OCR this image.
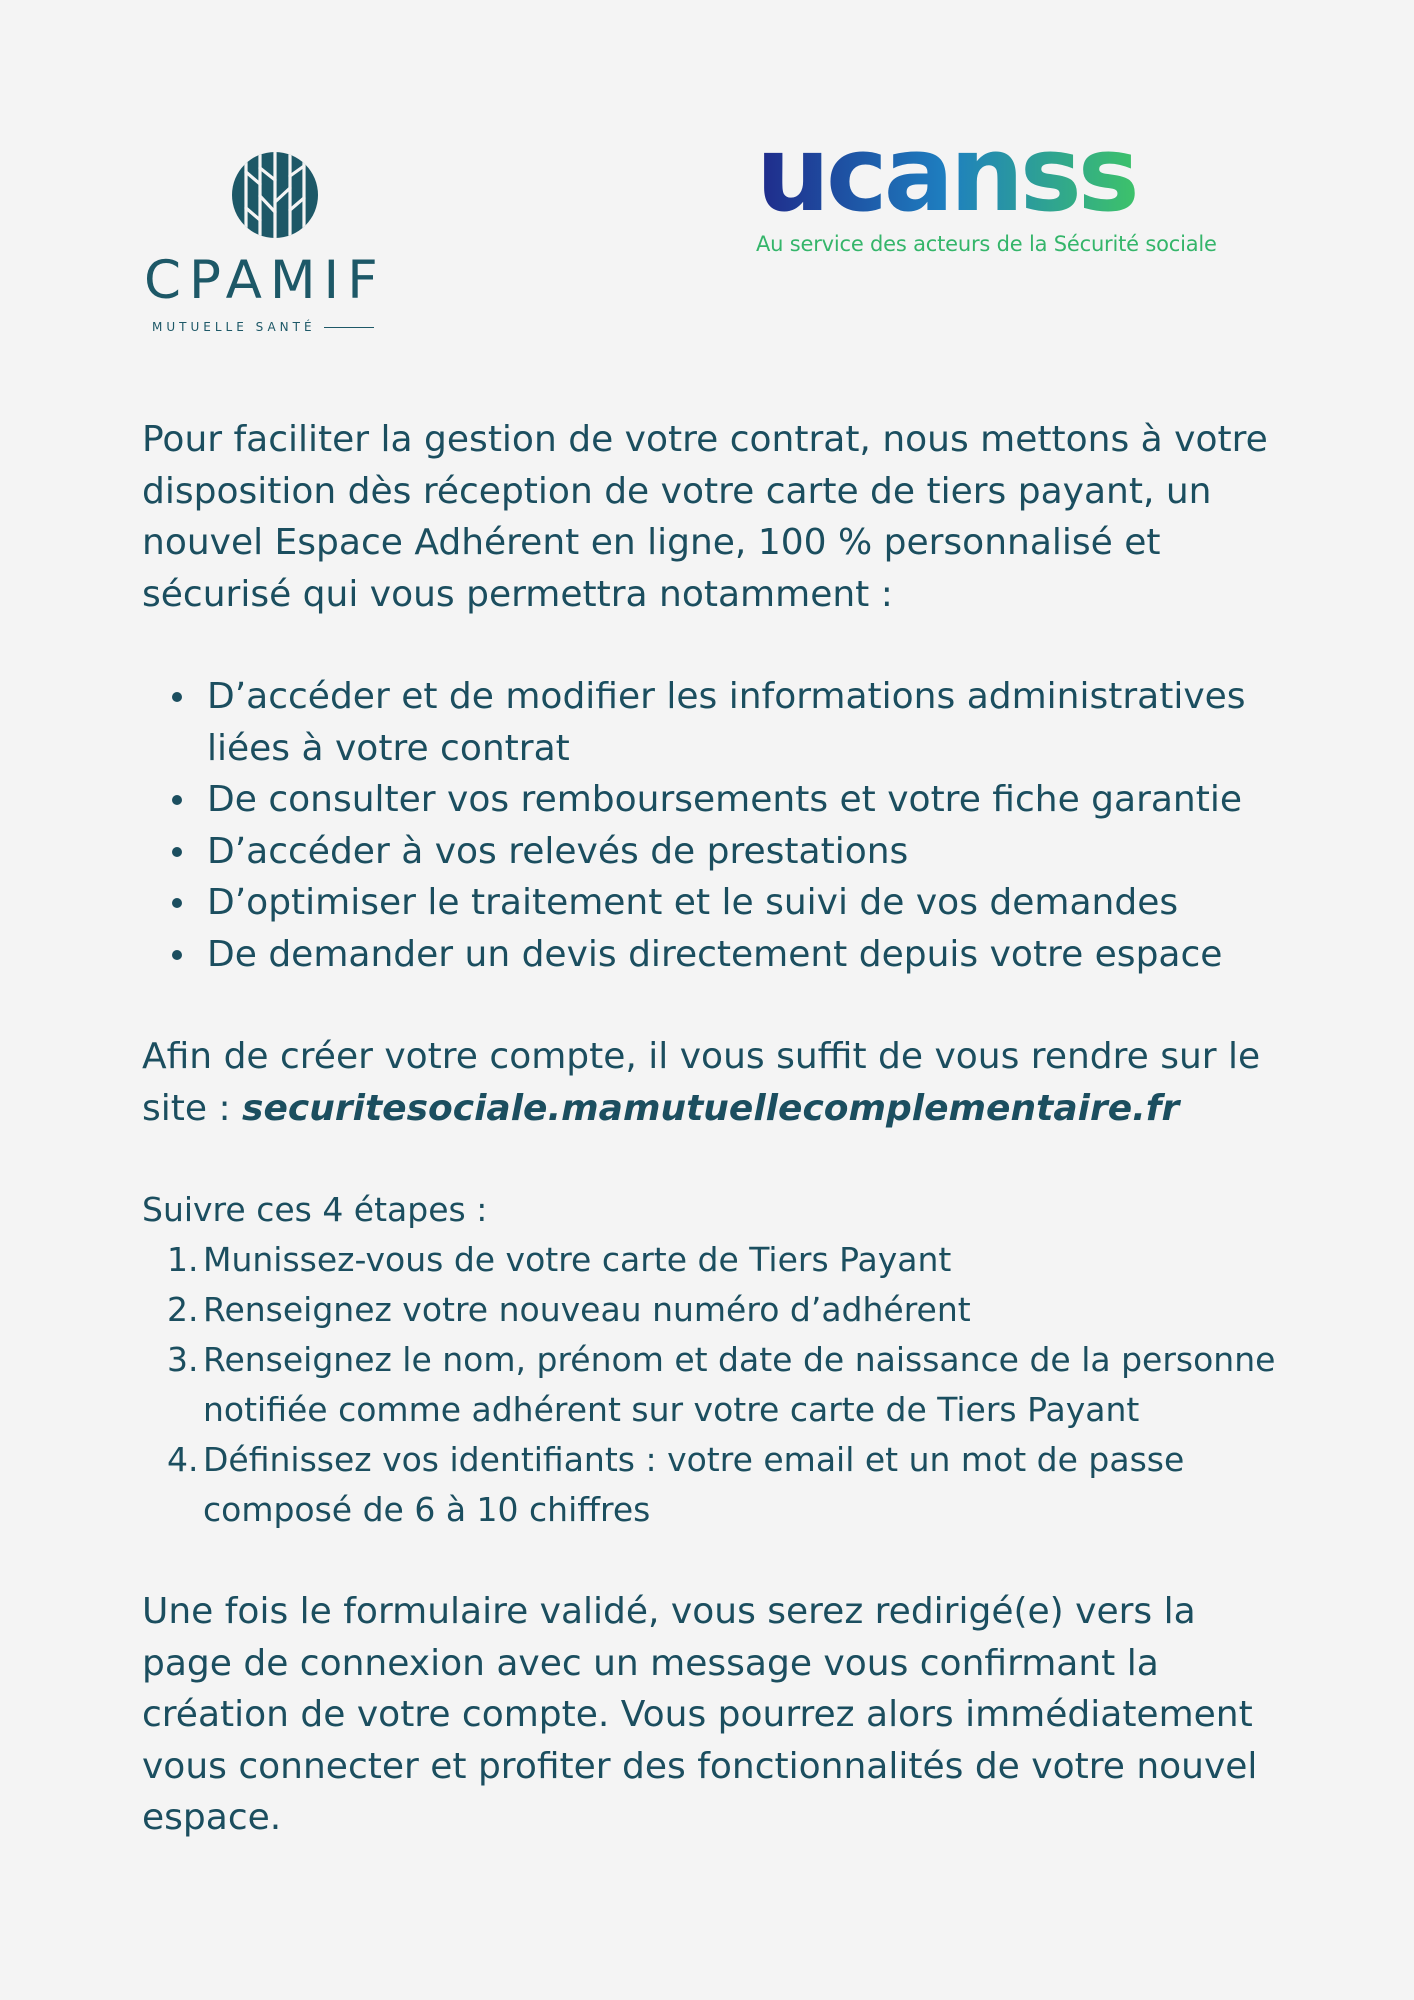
CPAMIF
MUTUELLE SANTÉ
ucanss
Au service des acteurs de la Sécurité sociale

Pour faciliter la gestion de votre contrat, nous mettons à votre disposition dès réception de votre carte de tiers payant, un nouvel Espace Adhérent en ligne, 100 % personnalisé et sécurisé qui vous permettra notamment :

D’accéder et de modifier les informations administratives liées à votre contrat
De consulter vos remboursements et votre fiche garantie
D’accéder à vos relevés de prestations
D’optimiser le traitement et le suivi de vos demandes
De demander un devis directement depuis votre espace

Afin de créer votre compte, il vous suffit de vous rendre sur le site : securitesociale.mamutuellecomplementaire.fr

Suivre ces 4 étapes :

1. Munissez-vous de votre carte de Tiers Payant
2. Renseignez votre nouveau numéro d’adhérent
3. Renseignez le nom, prénom et date de naissance de la personne notifiée comme adhérent sur votre carte de Tiers Payant
4. Définissez vos identifiants : votre email et un mot de passe composé de 6 à 10 chiffres

Une fois le formulaire validé, vous serez redirigé(e) vers la page de connexion avec un message vous confirmant la création de votre compte. Vous pourrez alors immédiatement vous connecter et profiter des fonctionnalités de votre nouvel espace.
